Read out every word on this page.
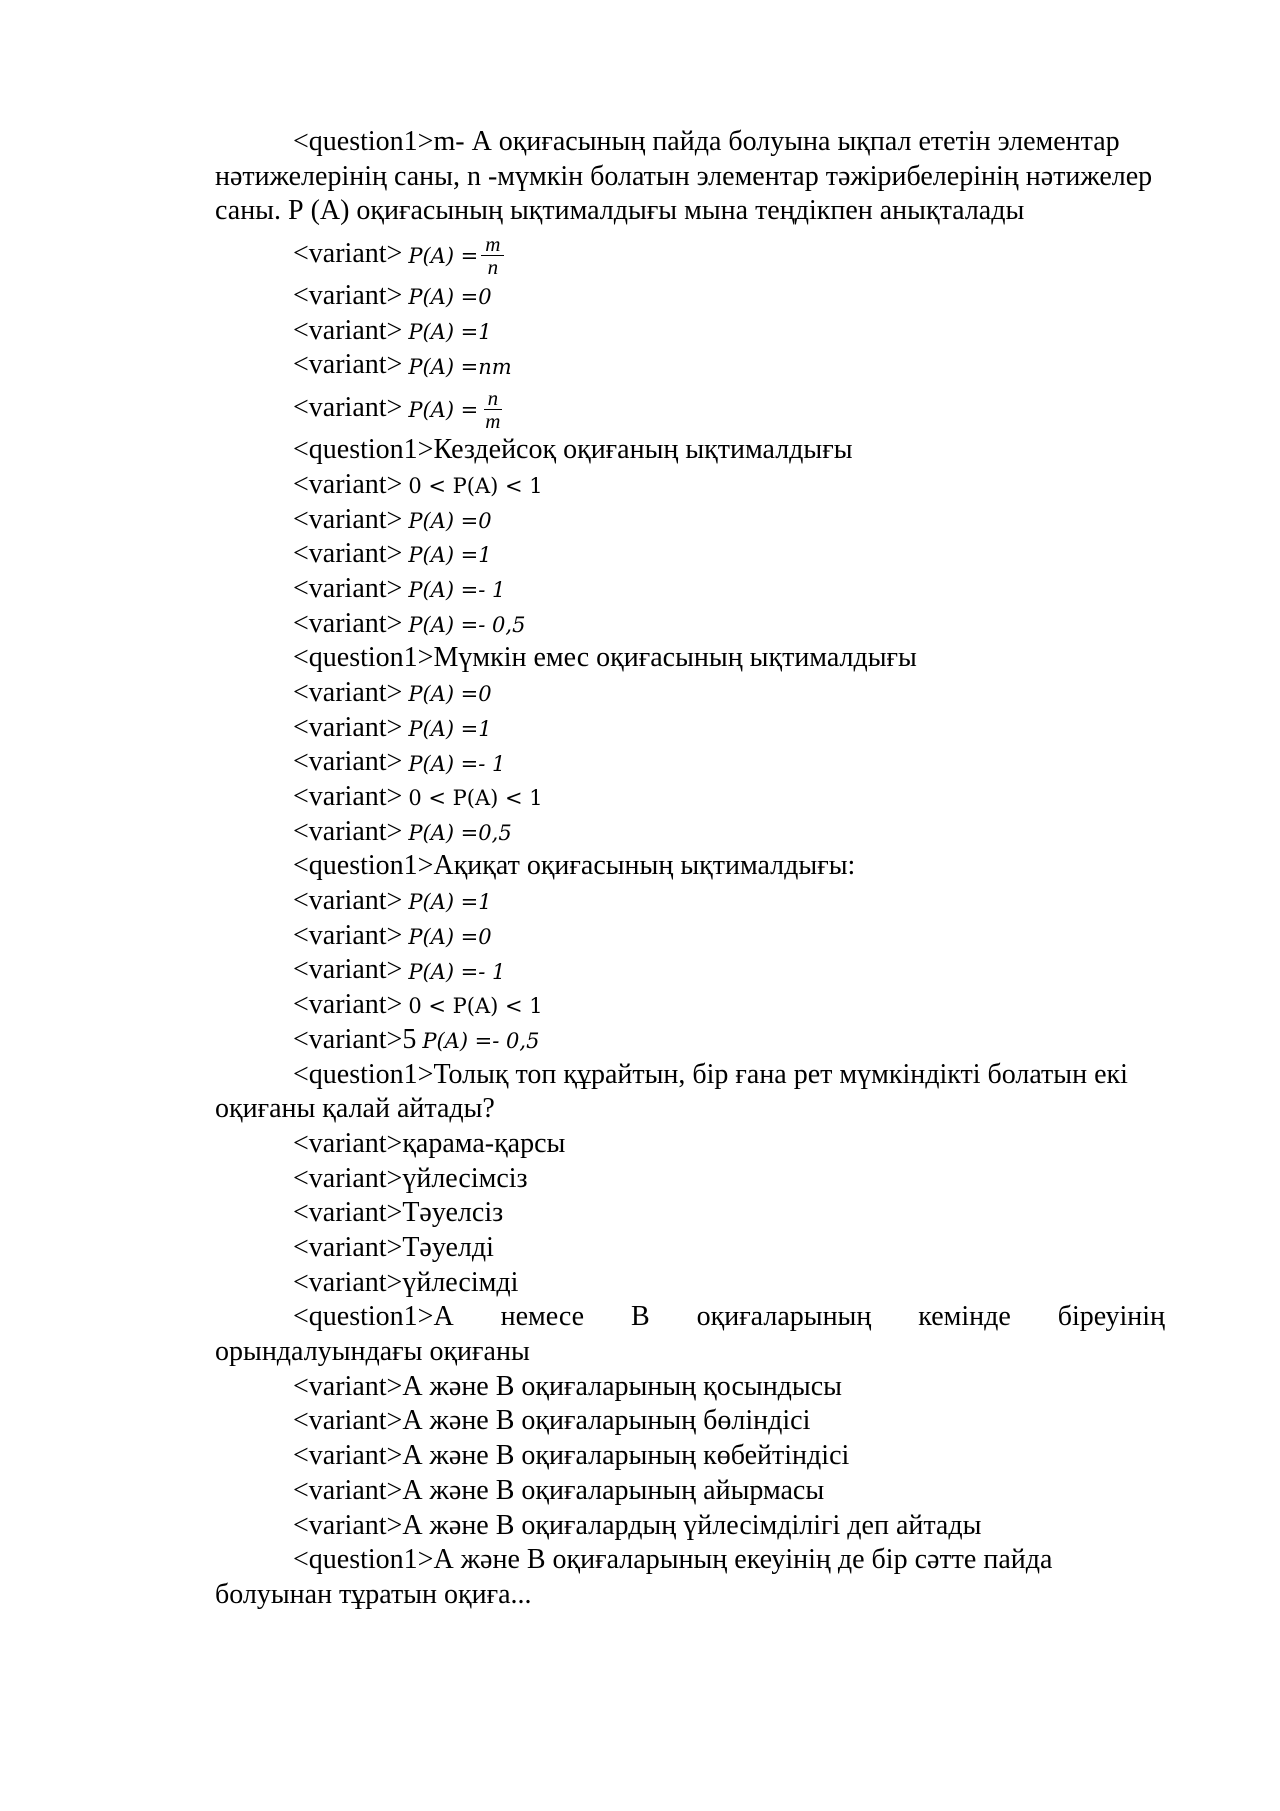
<question1>m- А оқиғасының пайда болуына ықпал ететін элементар нәтижелерінің саны, n -мүмкін болатын элементар тәжірибелерінің нәтижелер саны. Р (А) оқиғасының ықтималдығы мына теңдікпен анықталады
<variant> $P(A) = \frac{m}{n}$
<variant> P(A) =0
<variant> P(A) =1
<variant> P(A) =nm
<variant> $P(A) = \frac{n}{m}$
<question1>Кездейсоқ оқиғаның ықтималдығы
<variant> 0 < P(A) < 1
<variant> P(A) =0
<variant> P(A) =1
<variant> P(A) =- 1
<variant> P(A) =- 0,5
<question1>Мүмкін емес оқиғасының ықтималдығы
<variant> P(A) =0
<variant> P(A) =1
<variant> P(A) =- 1
<variant> 0 < P(A) < 1
<variant> P(A) =0,5
<question1>Ақиқат оқиғасының ықтималдығы:
<variant> P(A) =1
<variant> P(A) =0
<variant> P(A) =- 1
<variant> 0 < P(A) < 1
<variant>5 P(A) =- 0,5
<question1>Толық топ құрайтын, бір ғана рет мүмкіндікті болатын екі оқиғаны қалай айтады?
<variant>қарама-қарсы
<variant>үйлесімсіз
<variant>Тәуелсіз
<variant>Тәуелді
<variant>үйлесімді
<question1>А немесе В оқиғаларының кемінде біреуінің орындалуындағы оқиғаны
<variant>А және В оқиғаларының қосындысы
<variant>А және В оқиғаларының бөліндісі
<variant>А және В оқиғаларының көбейтіндісі
<variant>А және В оқиғаларының айырмасы
<variant>А және В оқиғалардың үйлесімділігі деп айтады
<question1>А және В оқиғаларының екеуінің де бір сәтте пайда болуынан тұратын оқиға...
